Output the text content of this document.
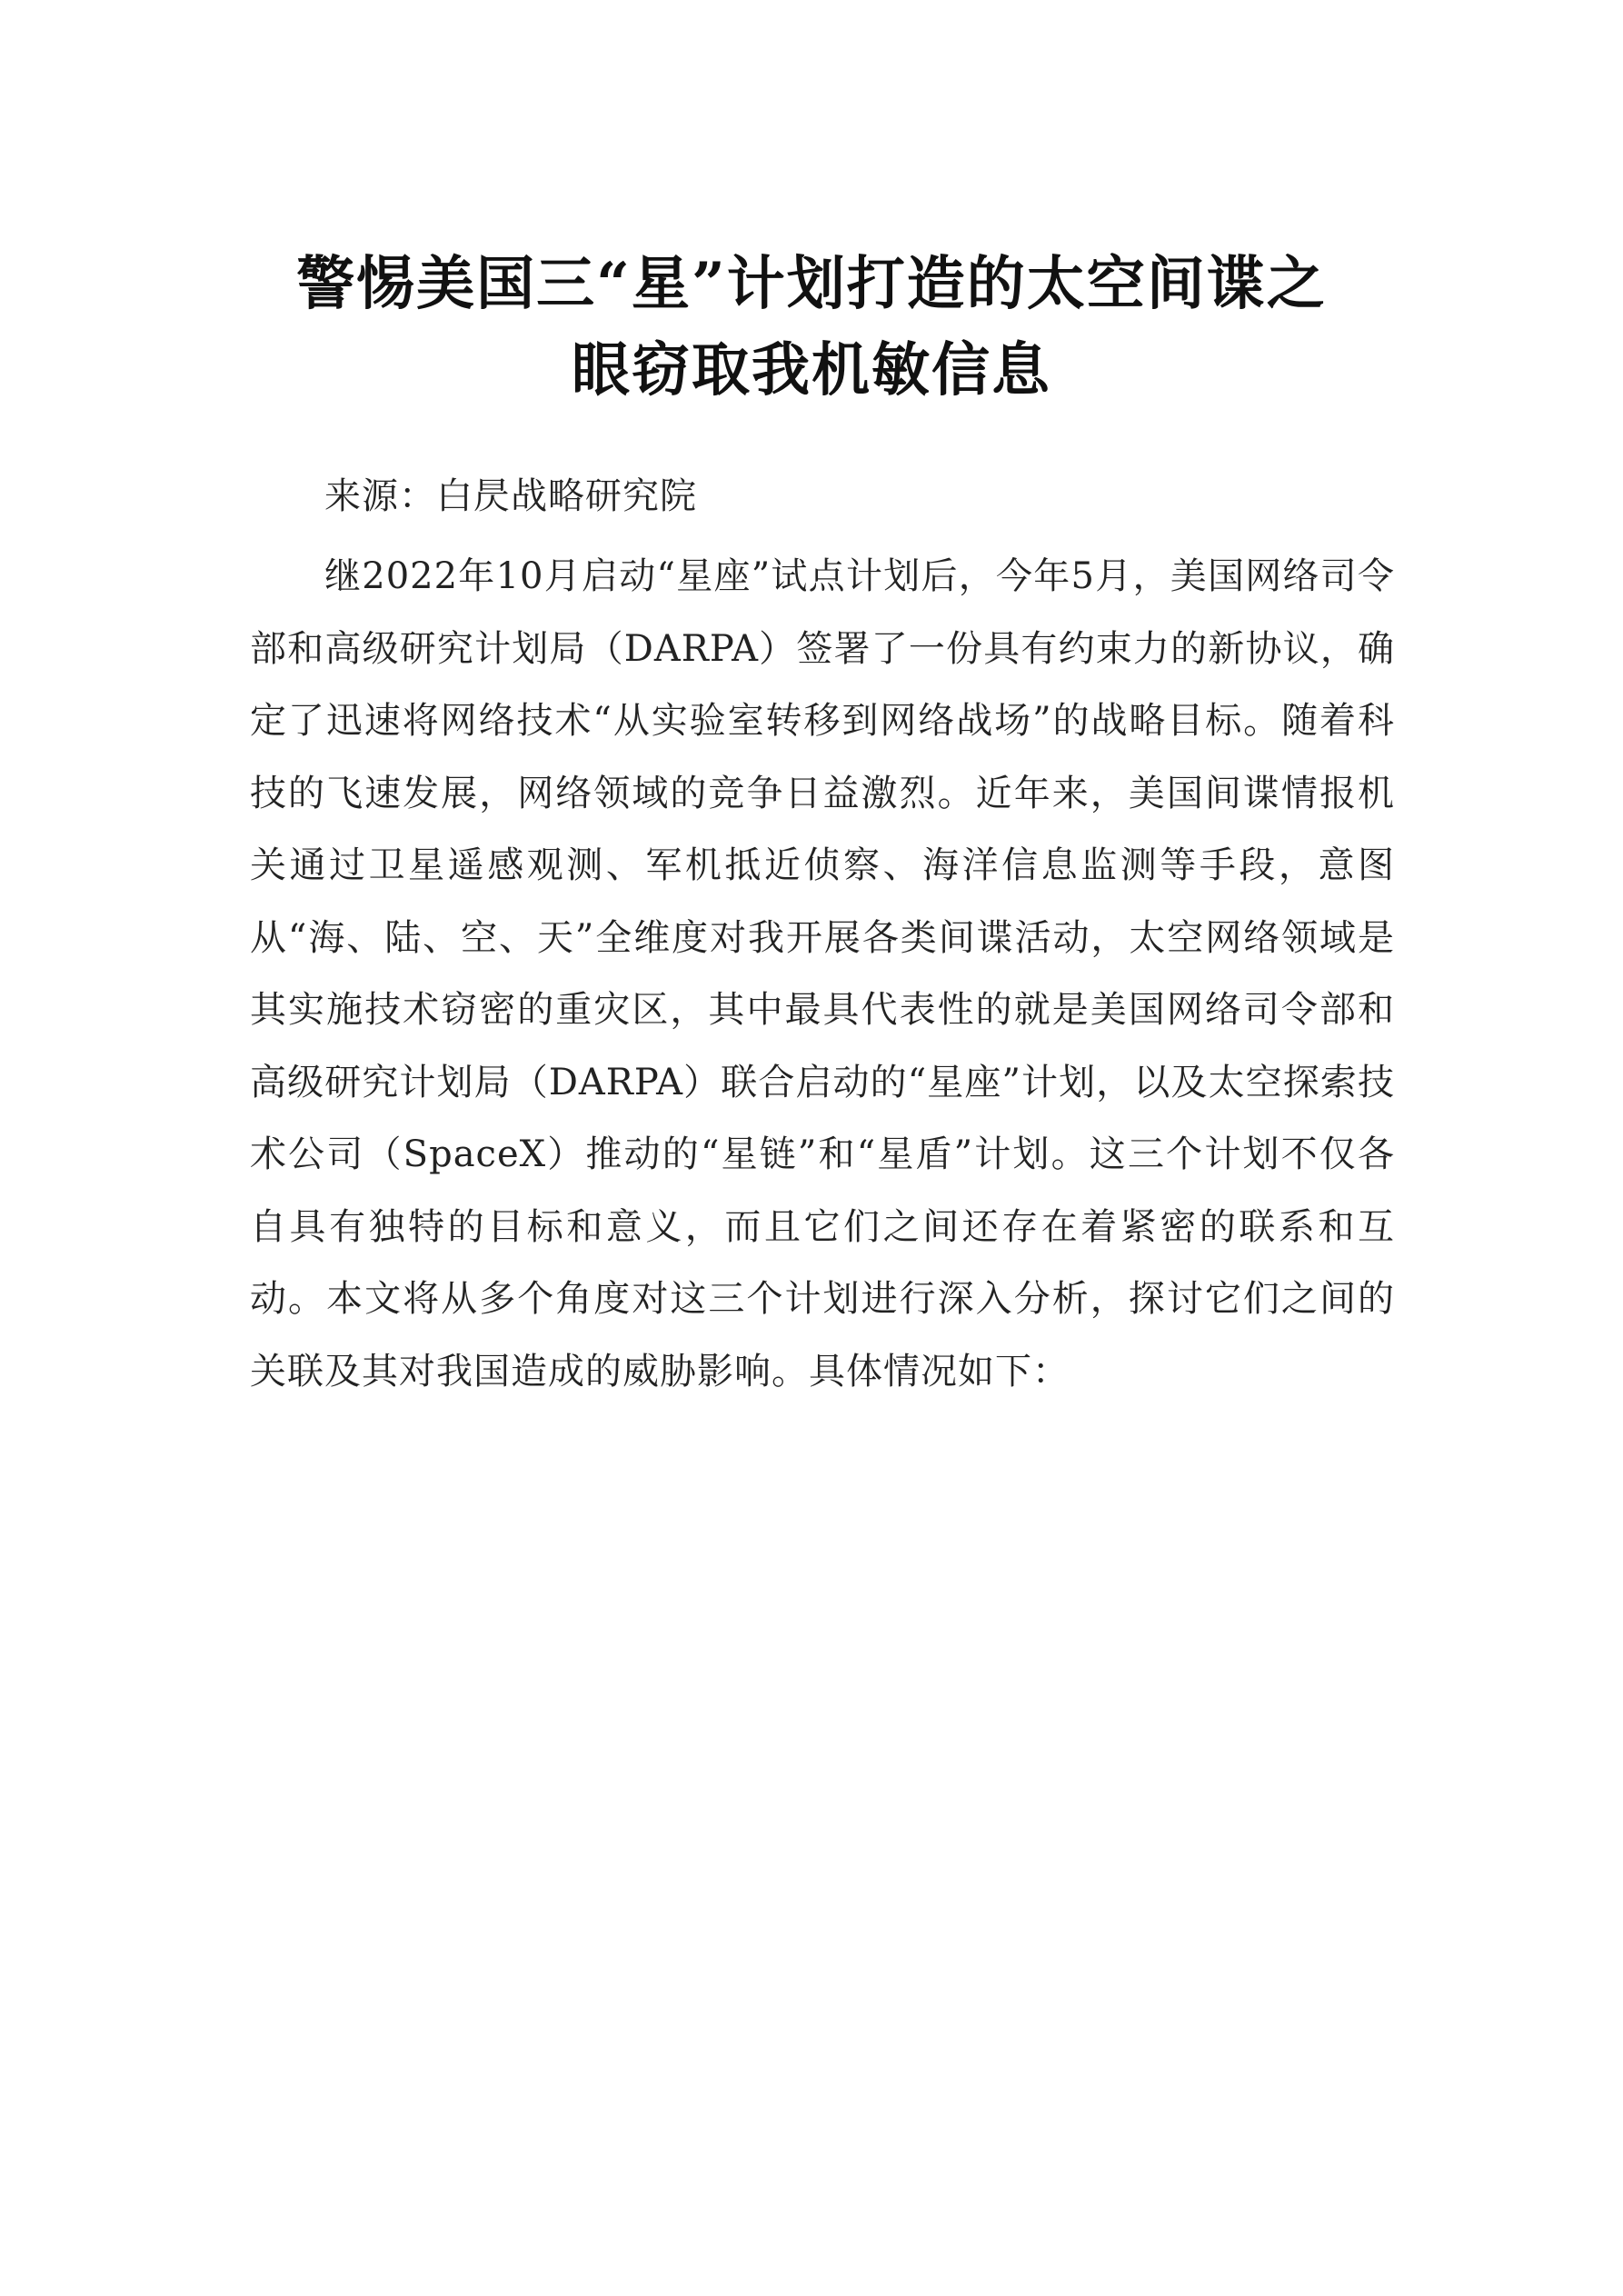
警惕美国三“星”计划打造的太空间谍之
眼窃取我机敏信息

来源：白昃战略研究院

继2022年10月启动“星座”试点计划后，今年5月，美国网络司令部和高级研究计划局（DARPA）签署了一份具有约束力的新协议，确定了迅速将网络技术“从实验室转移到网络战场”的战略目标。随着科技的飞速发展，网络领域的竞争日益激烈。近年来，美国间谍情报机关通过卫星遥感观测、军机抵近侦察、海洋信息监测等手段，意图从“海、陆、空、天”全维度对我开展各类间谍活动，太空网络领域是其实施技术窃密的重灾区，其中最具代表性的就是美国网络司令部和高级研究计划局（DARPA）联合启动的“星座”计划，以及太空探索技术公司（SpaceX）推动的“星链”和“星盾”计划。这三个计划不仅各自具有独特的目标和意义，而且它们之间还存在着紧密的联系和互动。本文将从多个角度对这三个计划进行深入分析，探讨它们之间的关联及其对我国造成的威胁影响。具体情况如下：
